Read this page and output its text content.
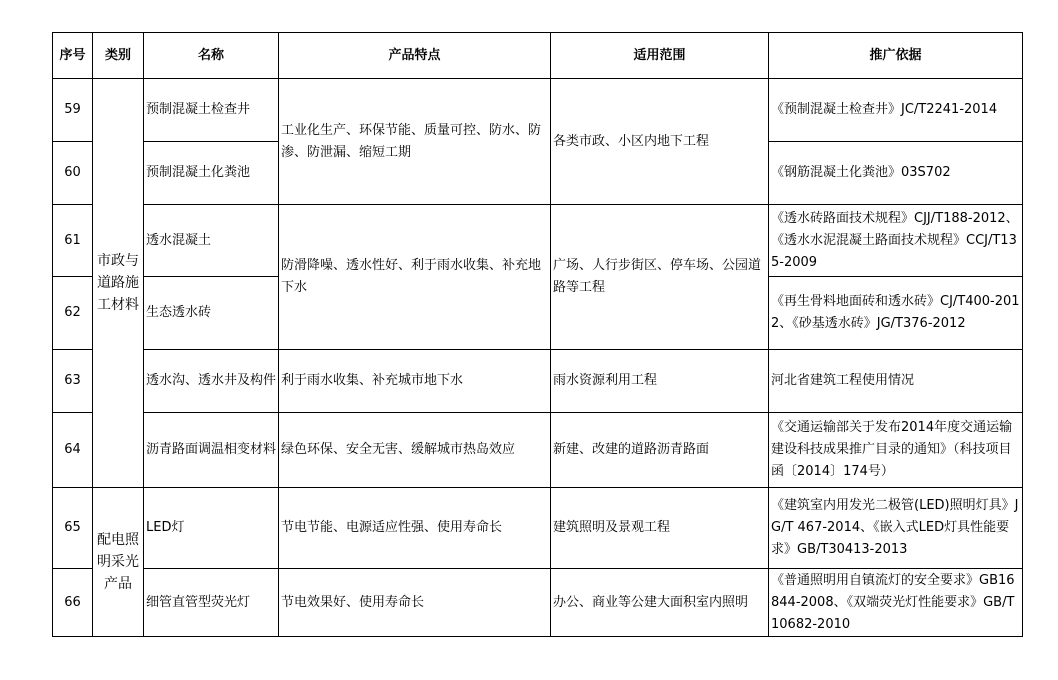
序号	类别	名称	产品特点	适用范围	推广依据
59	市政与道路施工材料	预制混凝土检查井	工业化生产、环保节能、质量可控、防水、防渗、防泄漏、缩短工期	各类市政、小区内地下工程	《预制混凝土检查井》JC/T2241-2014
60		预制混凝土化粪池			《钢筋混凝土化粪池》03S702
61		透水混凝土	防滑降噪、透水性好、利于雨水收集、补充地下水	广场、人行步街区、停车场、公园道路等工程	《透水砖路面技术规程》CJJ/T188-2012、《透水水泥混凝土路面技术规程》CCJ/T135-2009
62		生态透水砖			《再生骨料地面砖和透水砖》CJ/T400-2012、《砂基透水砖》JG/T376-2012
63		透水沟、透水井及构件	利于雨水收集、补充城市地下水	雨水资源利用工程	河北省建筑工程使用情况
64		沥青路面调温相变材料	绿色环保、安全无害、缓解城市热岛效应	新建、改建的道路沥青路面	《交通运输部关于发布2014年度交通运输建设科技成果推广目录的通知》（科技项目函〔2014〕174号）
65	配电照明采光产品	LED灯	节电节能、电源适应性强、使用寿命长	建筑照明及景观工程	《建筑室内用发光二极管(LED)照明灯具》JG/T 467-2014、《嵌入式LED灯具性能要求》GB/T30413-2013
66		细管直管型荧光灯	节电效果好、使用寿命长	办公、商业等公建大面积室内照明	《普通照明用自镇流灯的安全要求》GB16844-2008、《双端荧光灯性能要求》GB/T10682-2010
